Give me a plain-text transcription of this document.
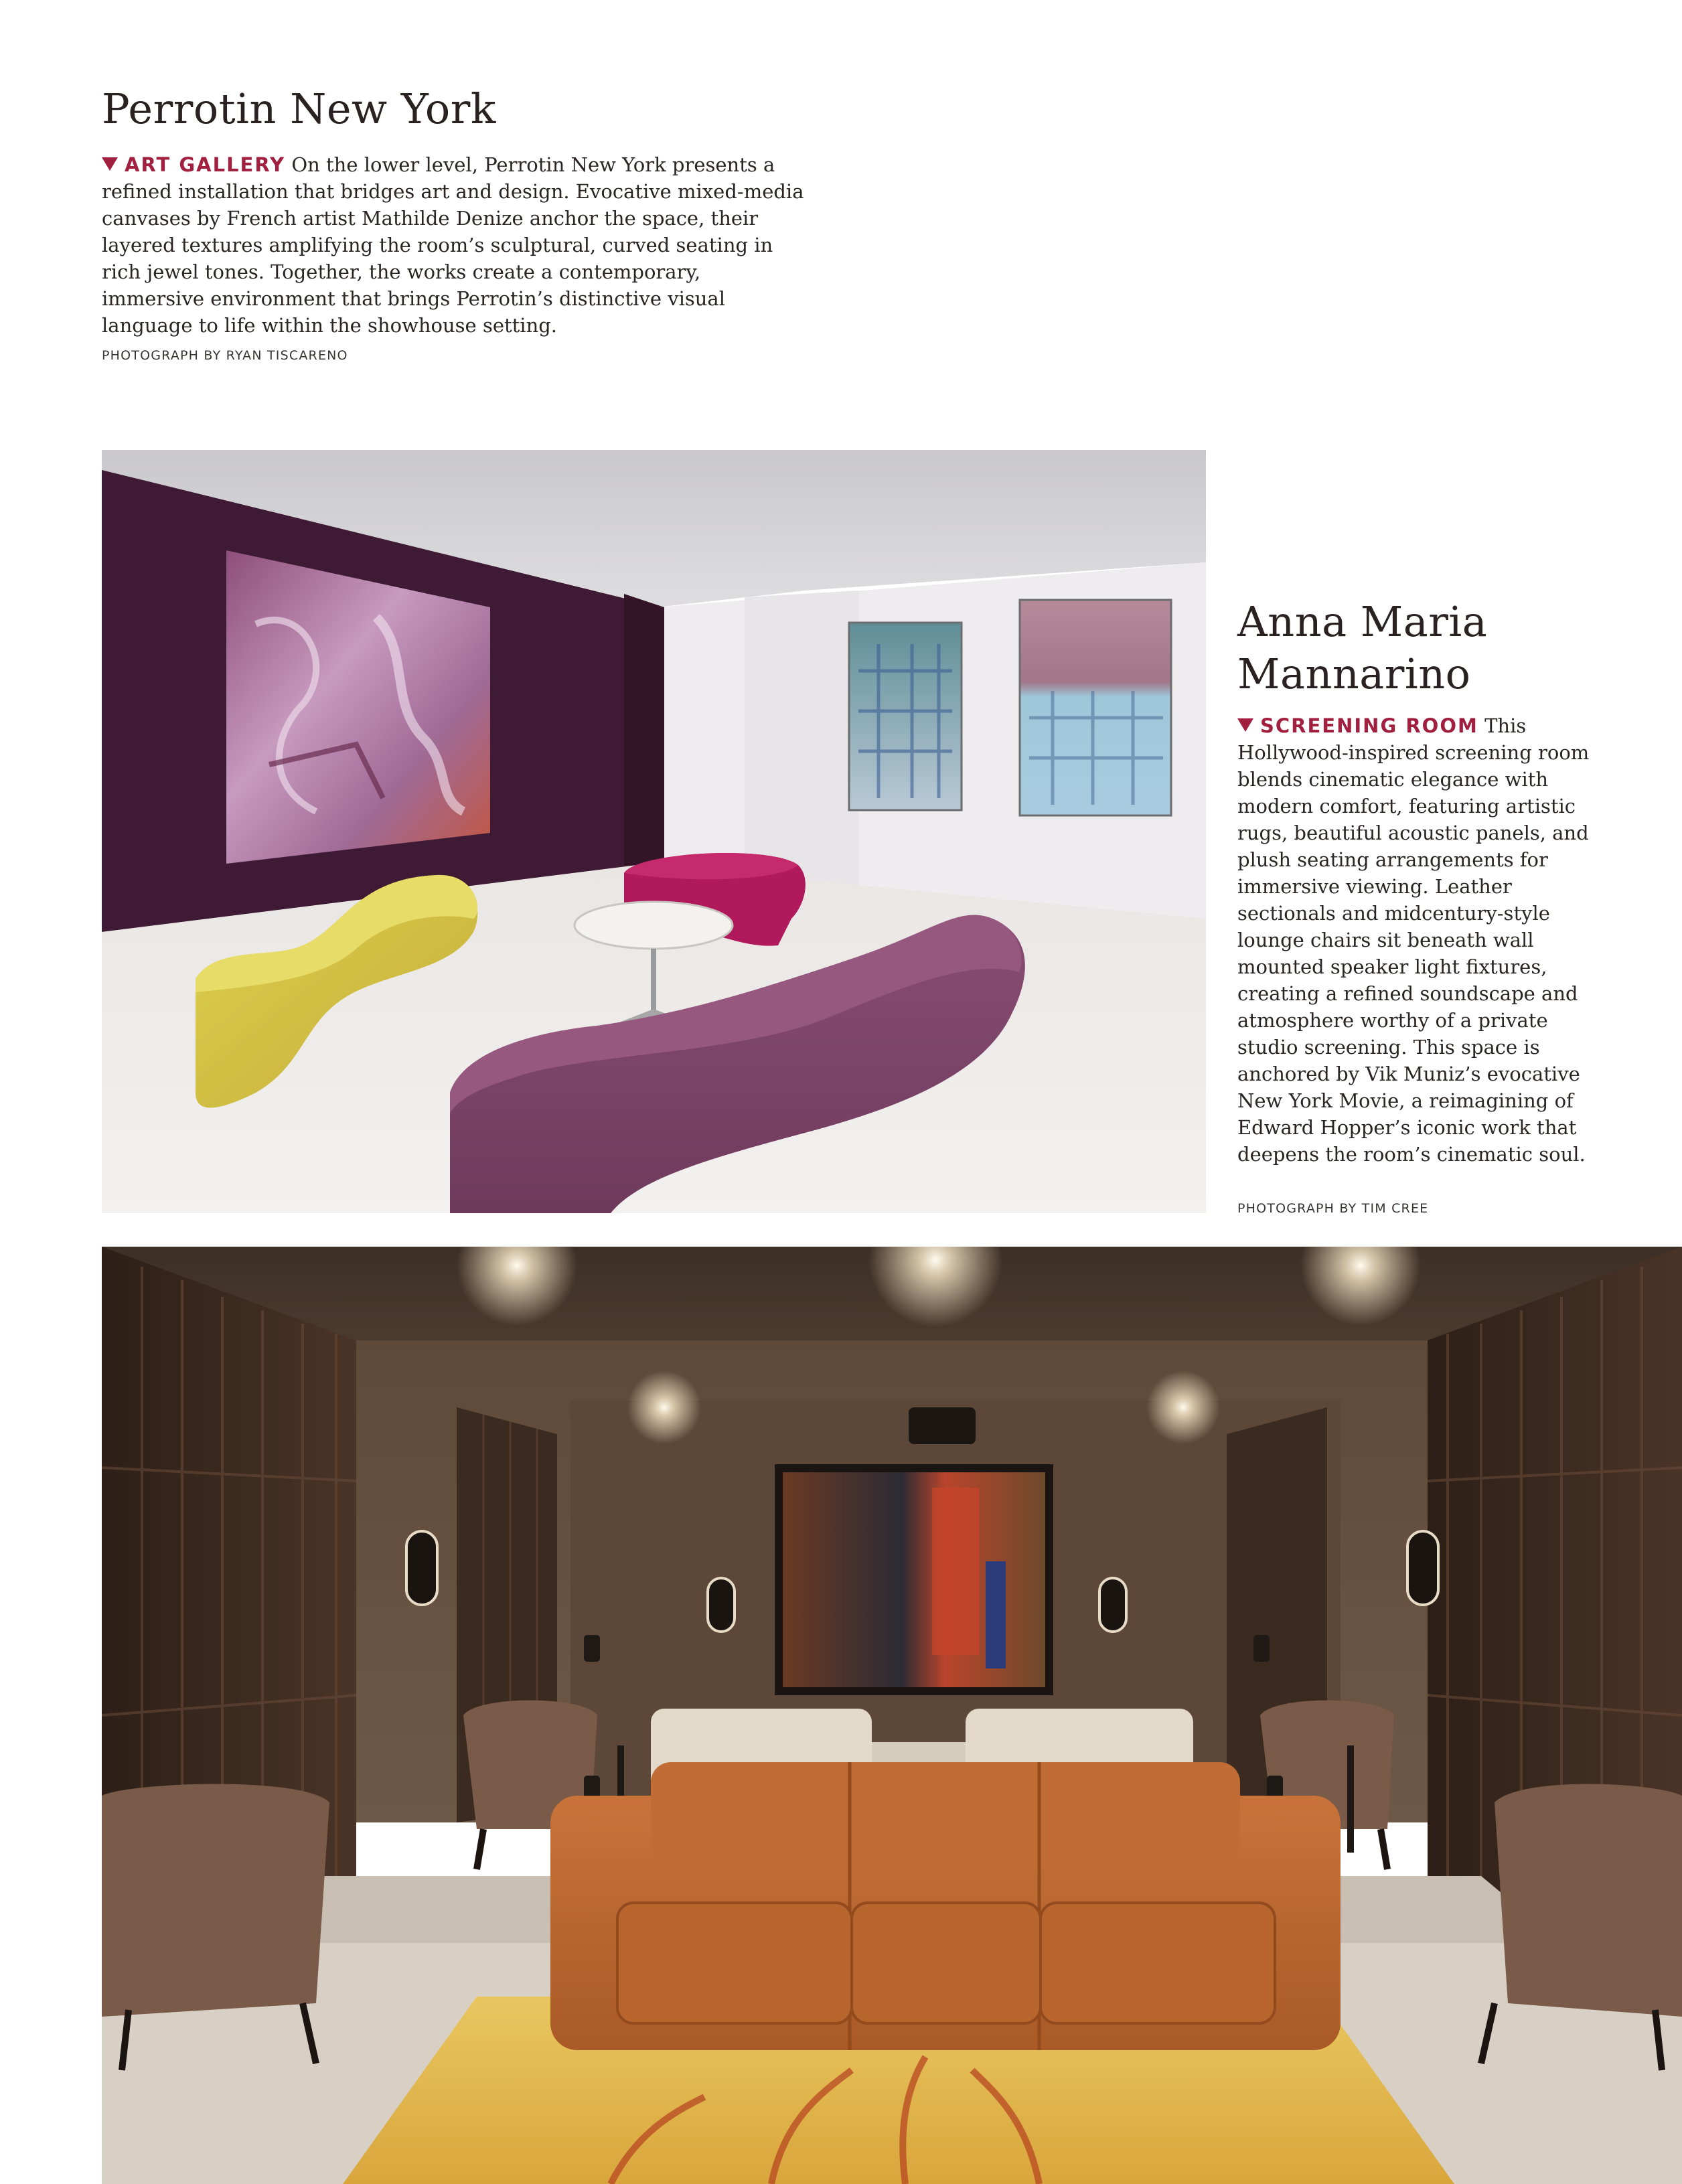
Perrotin New York

ART GALLERY On the lower level, Perrotin New York presents a refined installation that bridges art and design. Evocative mixed-media canvases by French artist Mathilde Denize anchor the space, their layered textures amplifying the room’s sculptural, curved seating in rich jewel tones. Together, the works create a contemporary, immersive environment that brings Perrotin’s distinctive visual language to life within the showhouse setting.

PHOTOGRAPH BY RYAN TISCARENO

Anna Maria
Mannarino

SCREENING ROOM This Hollywood-inspired screening room blends cinematic elegance with modern comfort, featuring artistic rugs, beautiful acoustic panels, and plush seating arrangements for immersive viewing. Leather sectionals and midcentury-style lounge chairs sit beneath wall mounted speaker light fixtures, creating a refined soundscape and atmosphere worthy of a private studio screening. This space is anchored by Vik Muniz’s evocative New York Movie, a reimagining of Edward Hopper’s iconic work that deepens the room’s cinematic soul.

PHOTOGRAPH BY TIM CREE
